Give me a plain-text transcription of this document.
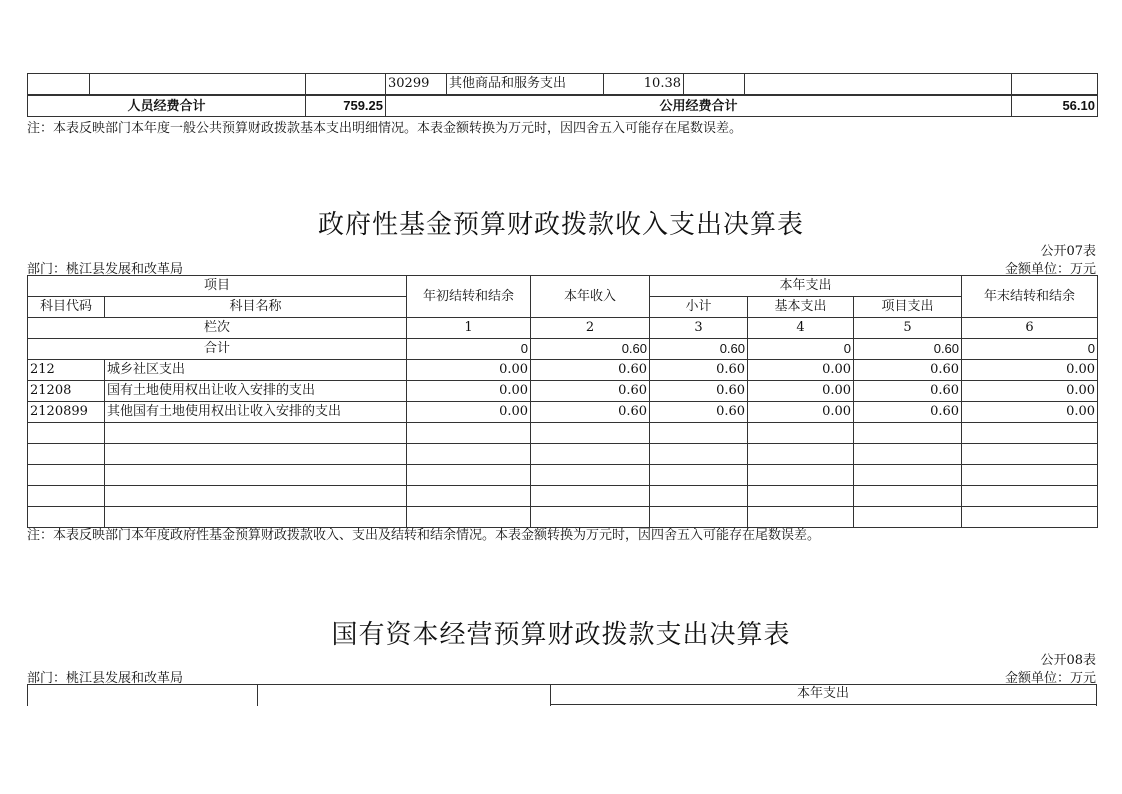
			30299	其他商品和服务支出	10.38			
人员经费合计		759.25	公用经费合计					56.10
注：本表反映部门本年度一般公共预算财政拨款基本支出明细情况。本表金额转换为万元时，因四舍五入可能存在尾数误差。
政府性基金预算财政拨款收入支出决算表
公开07表
部门：桃江县发展和改革局	金额单位：万元
项目		年初结转和结余	本年收入	本年支出			年末结转和结余
科目代码	科目名称			小计	基本支出	项目支出	
栏次		1	2	3	4	5	6
合计		0	0.60	0.60	0	0.60	0
212	城乡社区支出	0.00	0.60	0.60	0.00	0.60	0.00
21208	国有土地使用权出让收入安排的支出	0.00	0.60	0.60	0.00	0.60	0.00
2120899	其他国有土地使用权出让收入安排的支出	0.00	0.60	0.60	0.00	0.60	0.00

注：本表反映部门本年度政府性基金预算财政拨款收入、支出及结转和结余情况。本表金额转换为万元时，因四舍五入可能存在尾数误差。
国有资本经营预算财政拨款支出决算表
公开08表
部门：桃江县发展和改革局	金额单位：万元
本年支出
